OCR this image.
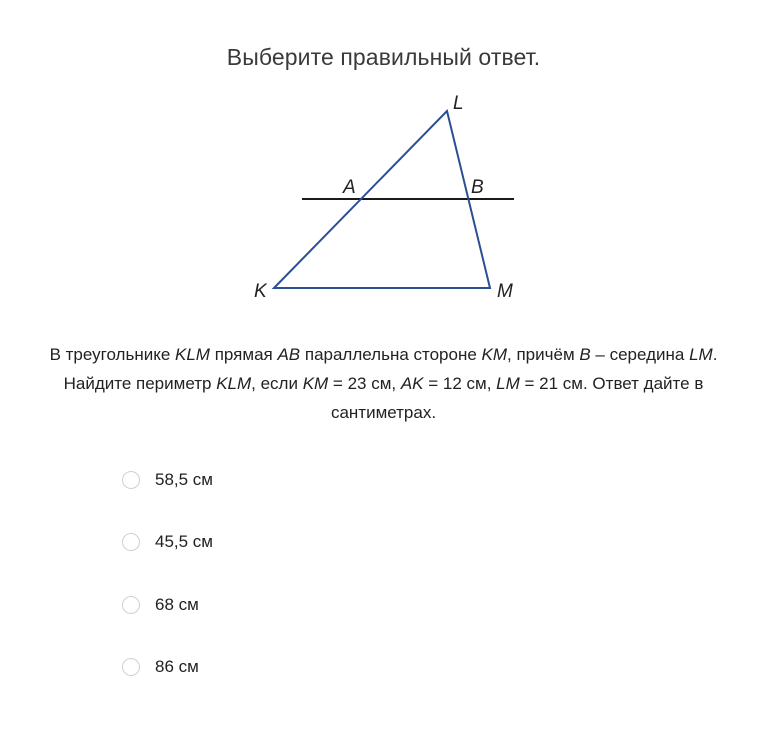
Выберите правильный ответ.
L
A	B
K	M
В треугольнике KLM прямая AB параллельна стороне KM, причём B – середина LM. Найдите периметр KLM, если KM = 23 см, AK = 12 см, LM = 21 см. Ответ дайте в сантиметрах.
58,5 см
45,5 см
68 см
86 см
